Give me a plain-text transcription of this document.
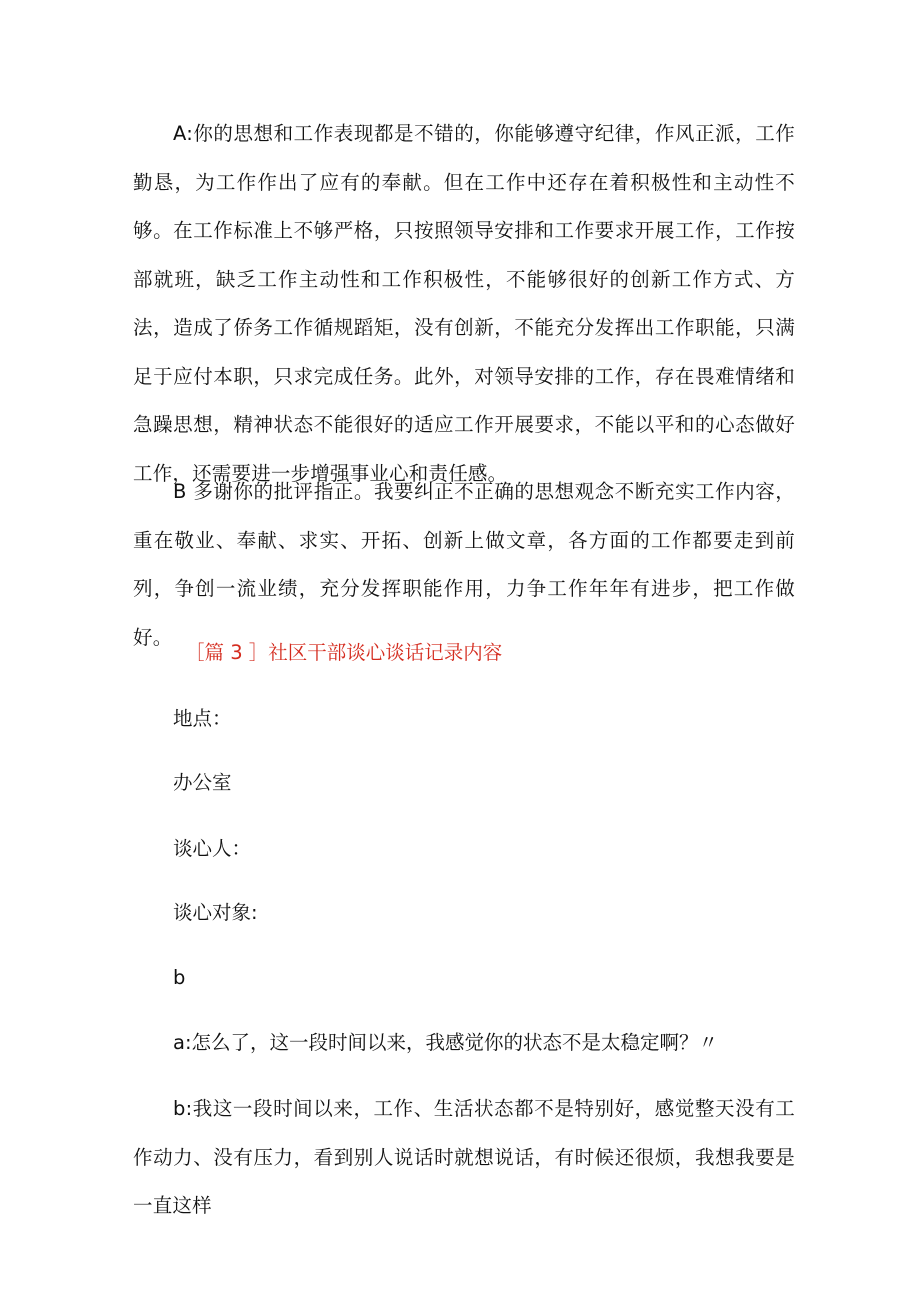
A:你的思想和工作表现都是不错的，你能够遵守纪律，作风正派，工作勤恳，为工作作出了应有的奉献。但在工作中还存在着积极性和主动性不够。在工作标准上不够严格，只按照领导安排和工作要求开展工作，工作按部就班，缺乏工作主动性和工作积极性，不能够很好的创新工作方式、方法，造成了侨务工作循规蹈矩，没有创新，不能充分发挥出工作职能，只满足于应付本职，只求完成任务。此外，对领导安排的工作，存在畏难情绪和急躁思想，精神状态不能很好的适应工作开展要求，不能以平和的心态做好工作，还需要进一步增强事业心和责任感。

B 多谢你的批评指正。我要纠正不正确的思想观念不断充实工作内容，重在敬业、奉献、求实、开拓、创新上做文章，各方面的工作都要走到前列，争创一流业绩，充分发挥职能作用，力争工作年年有进步，把工作做好。

［篇 3 ］社区干部谈心谈话记录内容

地点：

办公室

谈心人：

谈心对象:

b

a:怎么了，这一段时间以来，我感觉你的状态不是太稳定啊？〃

b:我这一段时间以来，工作、生活状态都不是特别好，感觉整天没有工作动力、没有压力，看到别人说话时就想说话，有时候还很烦，我想我要是一直这样
